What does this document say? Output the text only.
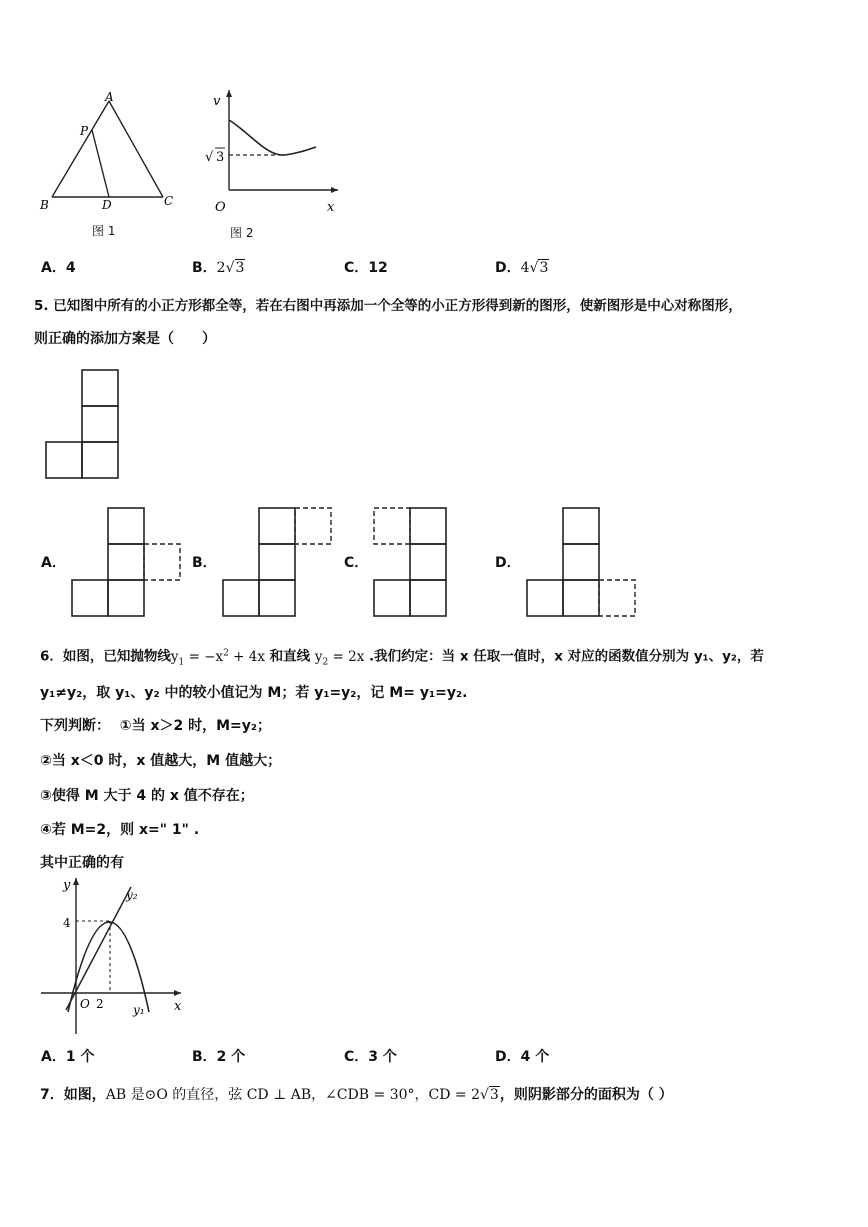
A
P
B	D	C
图 1
v
x
O
√ 3
图 2
A．4	B．2√3	C．12	D．4√3
5. 已知图中所有的小正方形都全等，若在右图中再添加一个全等的小正方形得到新的图形，使新图形是中心对称图形，
则正确的添加方案是（　　）
A．	B．	C．	D．
6．如图，已知抛物线$y_1 = -x^2 + 4x$ 和直线 $y_2 = 2x$ .我们约定：当 x 任取一值时，x 对应的函数值分别为 y₁、y₂，若
y₁≠y₂，取 y₁、y₂ 中的较小值记为 M；若 y₁=y₂，记 M= y₁=y₂.
下列判断： ①当 x＞2 时，M=y₂；
②当 x＜0 时，x 值越大，M 值越大；
③使得 M 大于 4 的 x 值不存在；
④若 M=2，则 x=" 1" .
其中正确的有
y
x
O 2
4
y₂
y₁
A．1 个	B．2 个	C．3 个	D．4 个
7．如图，AB 是⊙O 的直径，弦 CD ⊥ AB，∠CDB = 30°，CD = 2√3，则阴影部分的面积为（ ）
